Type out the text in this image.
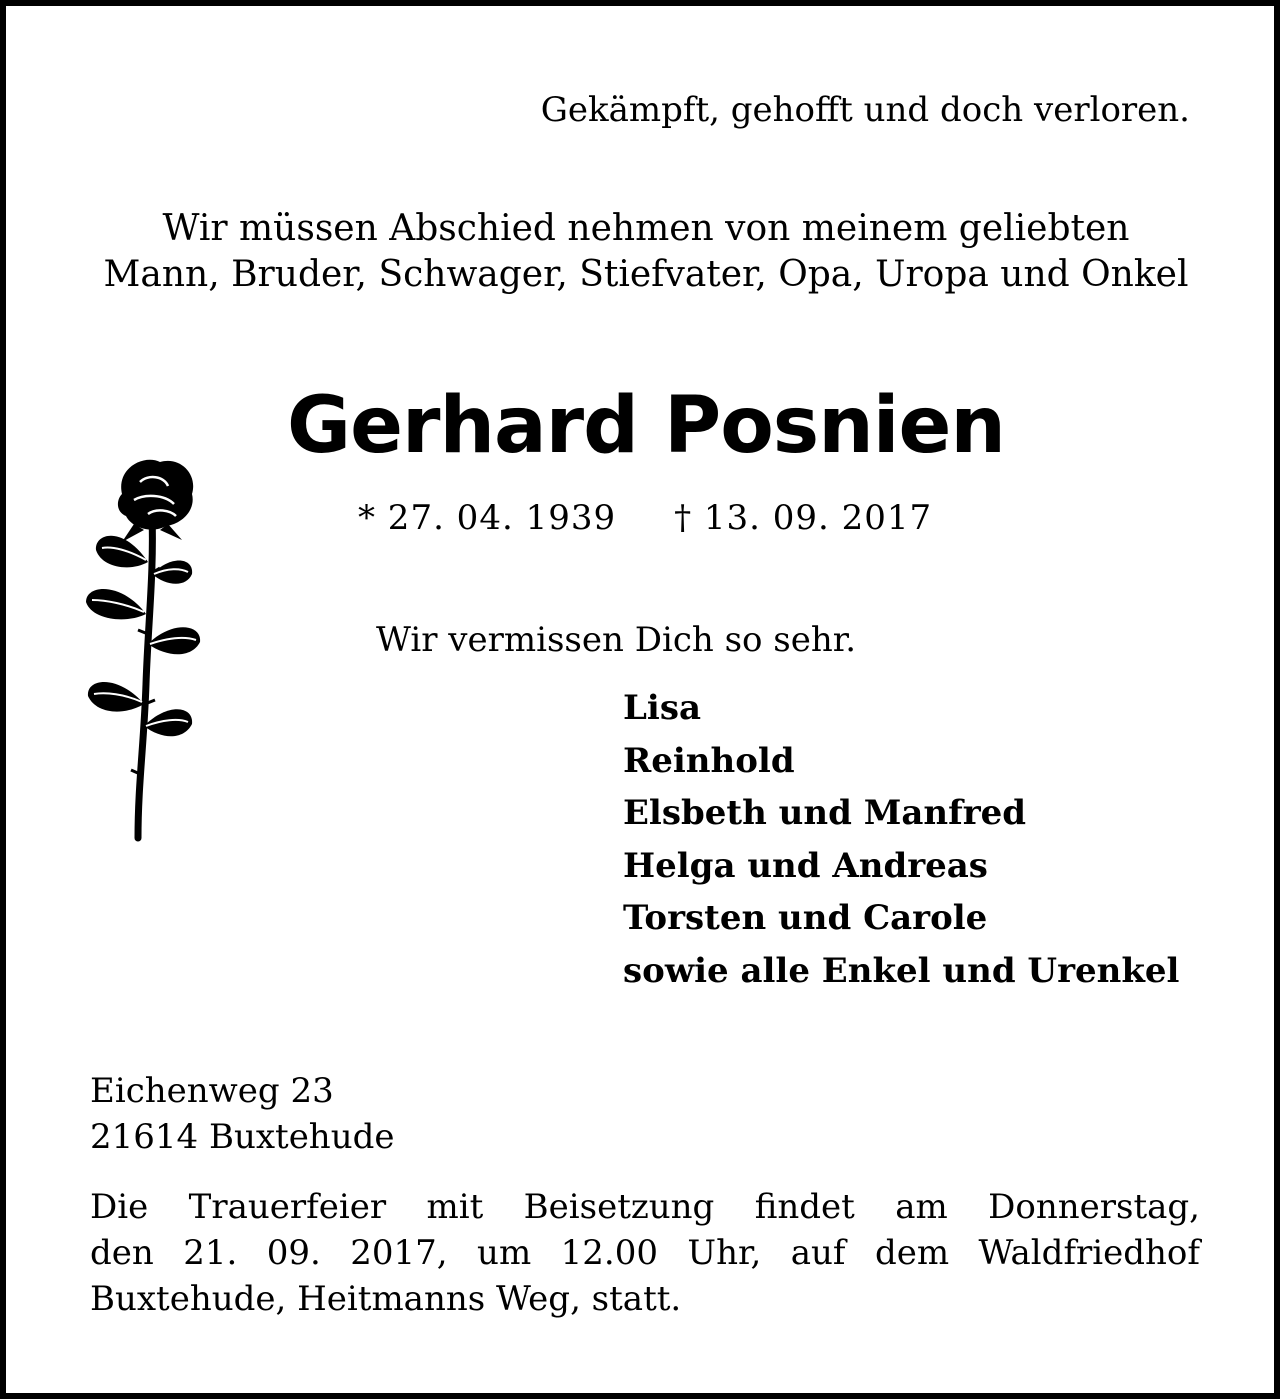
Gekämpft, gehofft und doch verloren.

Wir müssen Abschied nehmen von meinem geliebten
Mann, Bruder, Schwager, Stiefvater, Opa, Uropa und Onkel
Gerhard Posnien
* 27. 04. 1939 † 13. 09. 2017

Wir vermissen Dich so sehr.

Lisa
Reinhold
Elsbeth und Manfred
Helga und Andreas
Torsten und Carole
sowie alle Enkel und Urenkel
Eichenweg 23
21614 Buxtehude
Die Trauerfeier mit Beisetzung findet am Donnerstag,
den 21. 09. 2017, um 12.00 Uhr, auf dem Waldfriedhof
Buxtehude, Heitmanns Weg, statt.
